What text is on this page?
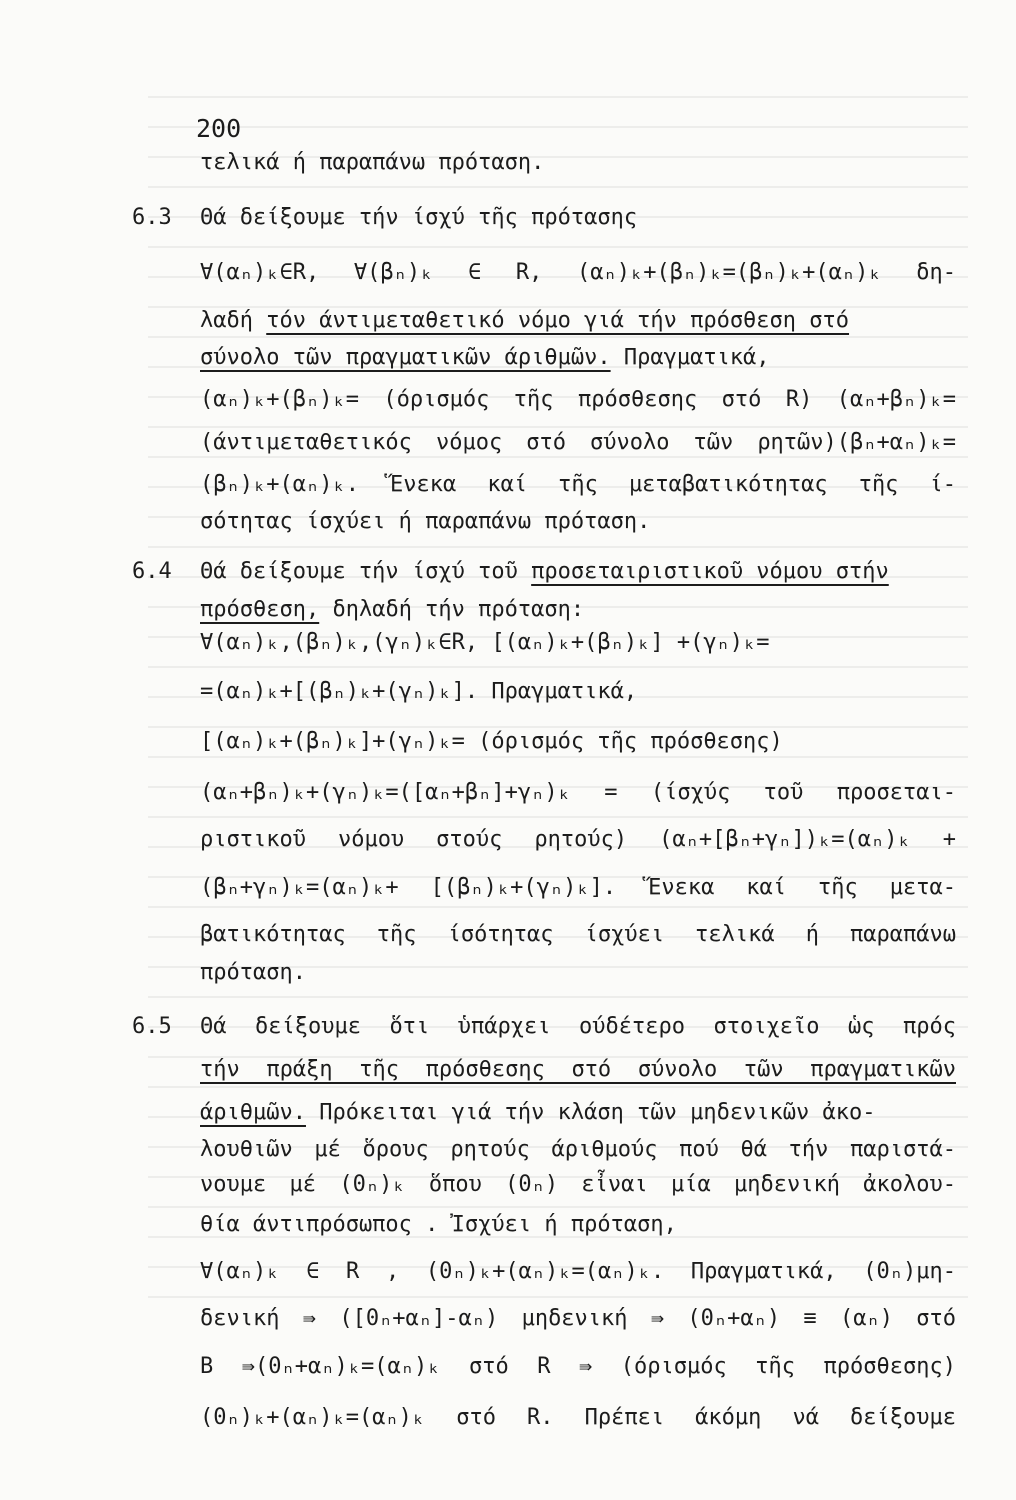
200
τελικά ή παραπάνω πρόταση.
6.3 Θά δείξουμε τήν ίσχύ τῆς πρότασης
∀(αₙ)ₖ∈R, ∀(βₙ)ₖ ∈ R, (αₙ)ₖ+(βₙ)ₖ=(βₙ)ₖ+(αₙ)ₖ δη-
λαδή τόν άντιμεταθετικό νόμο γιά τήν πρόσθεση στό
σύνολο τῶν πραγματικῶν άριθμῶν. Πραγματικά,
(αₙ)ₖ+(βₙ)ₖ= (όρισμός τῆς πρόσθεσης στό R) (αₙ+βₙ)ₖ=
(άντιμεταθετικός νόμος στό σύνολο τῶν ρητῶν)(βₙ+αₙ)ₖ=
(βₙ)ₖ+(αₙ)ₖ. Ἕνεκα καί τῆς μεταβατικότητας τῆς ί-
σότητας ίσχύει ή παραπάνω πρόταση.
6.4 Θά δείξουμε τήν ίσχύ τοῦ προσεταιριστικοῦ νόμου στήν
πρόσθεση, δηλαδή τήν πρόταση:
∀(αₙ)ₖ,(βₙ)ₖ,(γₙ)ₖ∈R, [(αₙ)ₖ+(βₙ)ₖ] +(γₙ)ₖ=
=(αₙ)ₖ+[(βₙ)ₖ+(γₙ)ₖ]. Πραγματικά,
[(αₙ)ₖ+(βₙ)ₖ]+(γₙ)ₖ= (όρισμός τῆς πρόσθεσης)
(αₙ+βₙ)ₖ+(γₙ)ₖ=([αₙ+βₙ]+γₙ)ₖ = (ίσχύς τοῦ προσεται-
ριστικοῦ νόμου στούς ρητούς) (αₙ+[βₙ+γₙ])ₖ=(αₙ)ₖ +
(βₙ+γₙ)ₖ=(αₙ)ₖ+ [(βₙ)ₖ+(γₙ)ₖ]. Ἕνεκα καί τῆς μετα-
βατικότητας τῆς ίσότητας ίσχύει τελικά ή παραπάνω
πρόταση.
6.5 Θά δείξουμε ὅτι ὑπάρχει ούδέτερο στοιχεῖο ὡς πρός
τήν πράξη τῆς πρόσθεσης στό σύνολο τῶν πραγματικῶν
άριθμῶν. Πρόκειται γιά τήν κλάση τῶν μηδενικῶν ἀκο-
λουθιῶν μέ ὅρους ρητούς άριθμούς πού θά τήν παριστά-
νουμε μέ (0ₙ)ₖ ὅπου (0ₙ) εἶναι μία μηδενική ἀκολου-
θία άντιπρόσωπος . Ἰσχύει ή πρόταση,
∀(αₙ)ₖ ∈ R , (0ₙ)ₖ+(αₙ)ₖ=(αₙ)ₖ. Πραγματικά, (0ₙ)μη-
δενική ⇛ ([0ₙ+αₙ]-αₙ) μηδενική ⇛ (0ₙ+αₙ) ≡ (αₙ) στό
B ⇛(0ₙ+αₙ)ₖ=(αₙ)ₖ στό R ⇛ (όρισμός τῆς πρόσθεσης)
(0ₙ)ₖ+(αₙ)ₖ=(αₙ)ₖ στό R. Πρέπει άκόμη νά δείξουμε
